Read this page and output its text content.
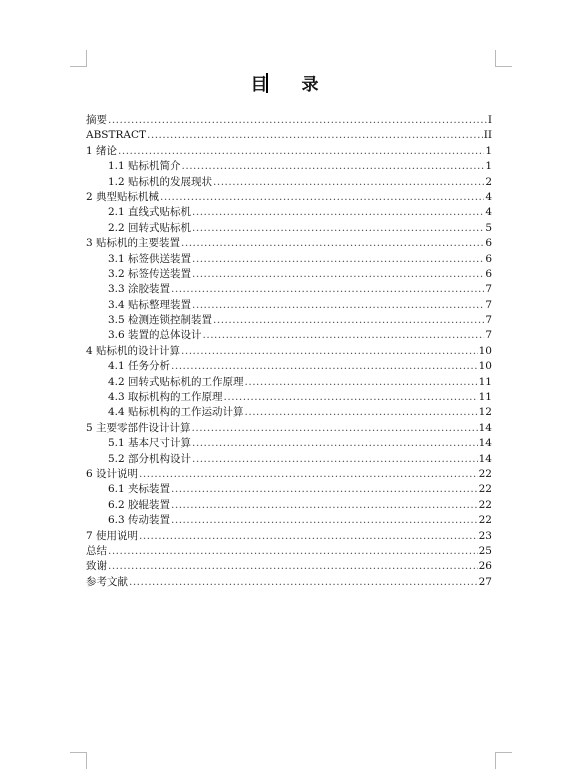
目 录
摘要 .....	I
ABSTRACT .....	II
1 绪论 .....	1
1.1 贴标机简介 .....	1
1.2 贴标机的发展现状 .....	2
2 典型贴标机械 .....	4
2.1 直线式贴标机 .....	4
2.2 回转式贴标机 .....	5
3 贴标机的主要装置 .....	6
3.1 标签供送装置 .....	6
3.2 标签传送装置 .....	6
3.3 涂胶装置 .....	7
3.4 贴标整理装置 .....	7
3.5 检测连锁控制装置 .....	7
3.6 装置的总体设计 .....	7
4 贴标机的设计计算 .....	10
4.1 任务分析 .....	10
4.2 回转式贴标机的工作原理 .....	11
4.3 取标机构的工作原理 .....	11
4.4 贴标机构的工作运动计算 .....	12
5 主要零部件设计计算 .....	14
5.1 基本尺寸计算 .....	14
5.2 部分机构设计 .....	14
6 设计说明 .....	22
6.1 夹标装置 .....	22
6.2 胶辊装置 .....	22
6.3 传动装置 .....	22
7 使用说明 .....	23
总结 .....	25
致谢 .....	26
参考文献 .....	27
